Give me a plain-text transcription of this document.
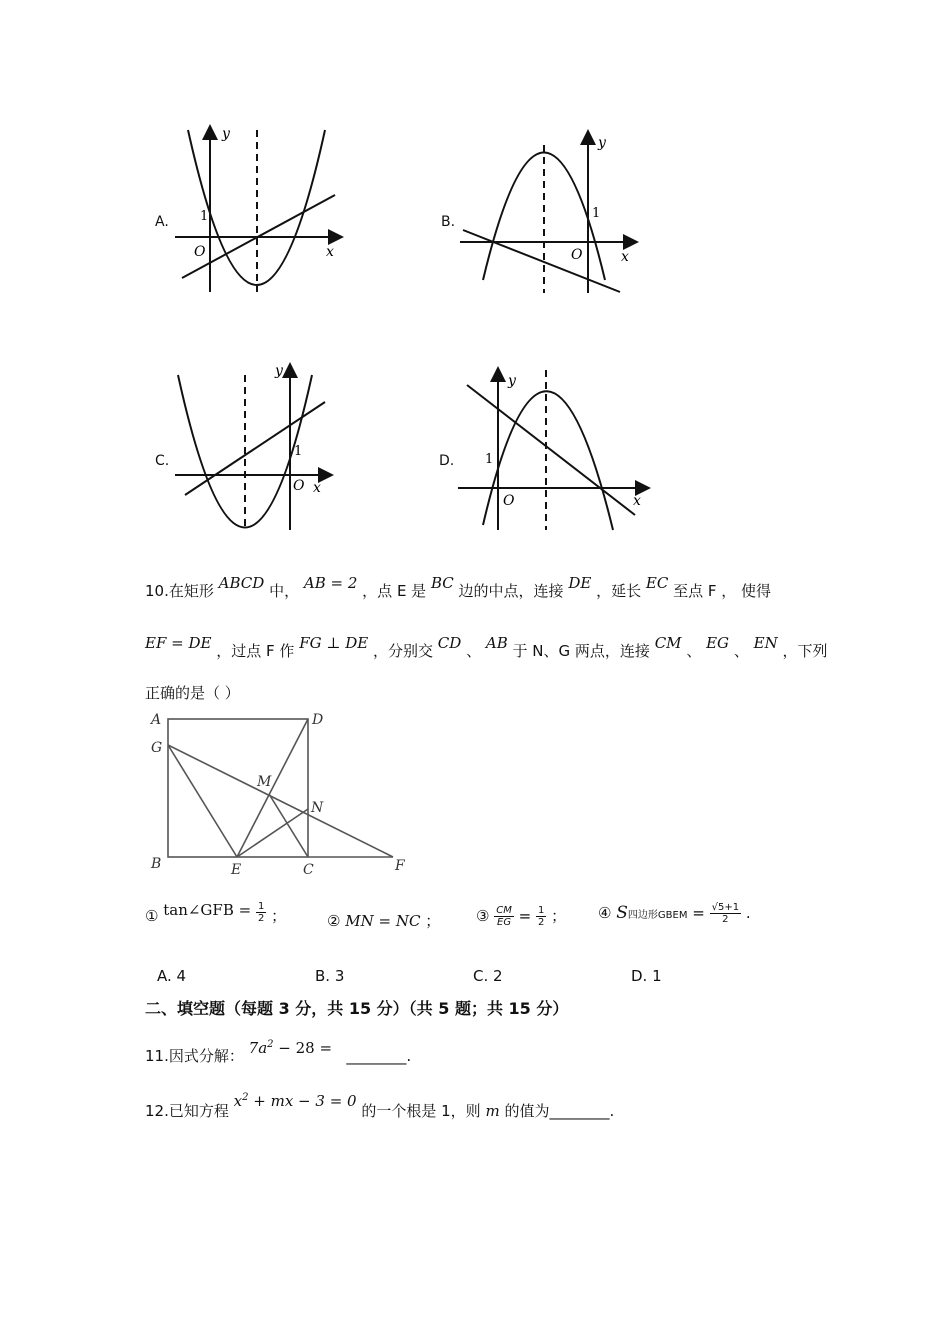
A.
y
x
O
1	B.
y
x
O
1
C.
y
x
O
1
D.
y
x
O
1
10.在矩形 ABCD 中， AB = 2 ，点 E 是 BC 边的中点，连接 DE ，延长 EC 至点 F ， 使得
EF = DE ，过点 F 作 FG ⊥ DE ，分别交 CD 、 AB 于 N、G 两点，连接 CM 、 EG 、 EN ，下列
正确的是（ ）
A	D
G
M
N
B	E	C	F
① tan∠GFB = $\frac{1}{2}$ ；	② MN = NC ； ③ $\frac{CM}{EG} = \frac{1}{2}$ ； ④ S四边形GBEM = $\frac{√5+1}{2}$ .
A. 4	B. 3	C. 2	D. 1
二、填空题（每题 3 分，共 15 分）（共 5 题；共 15 分）
11.因式分解： $7a^2 - 28$ = ________.
12.已知方程 $x^2$ + mx − 3 = 0 的一个根是 1，则 m 的值为________.
